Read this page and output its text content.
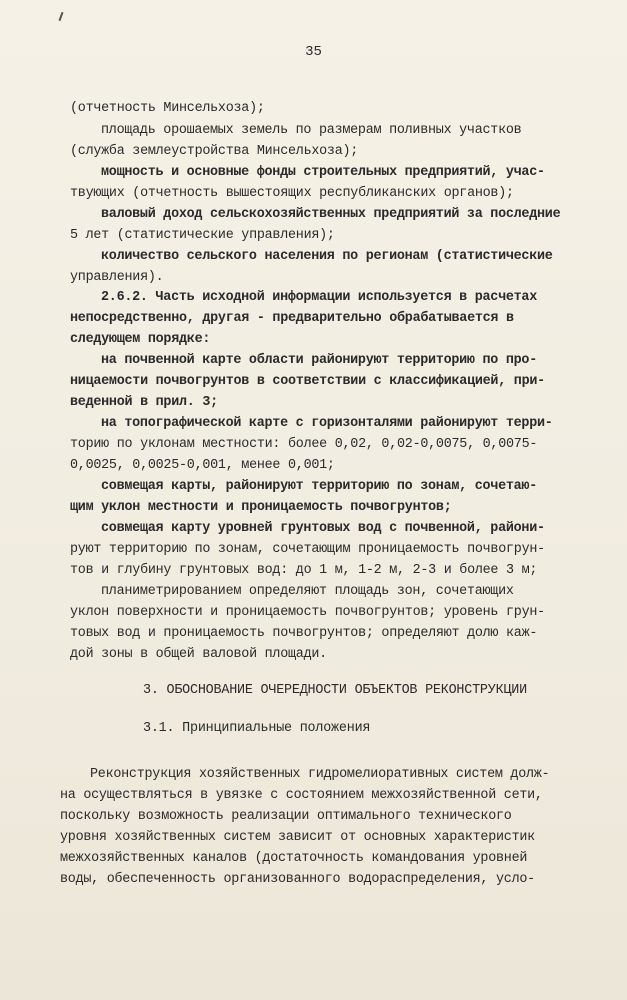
35
(отчетность Минсельхоза);
площадь орошаемых земель по размерам поливных участков
(служба землеустройства Минсельхоза);
мощность и основные фонды строительных предприятий, учас-
твующих (отчетность вышестоящих республиканских органов);
валовый доход сельскохозяйственных предприятий за последние
5 лет (статистические управления);
количество сельского населения по регионам (статистические
управления).
2.6.2. Часть исходной информации используется в расчетах
непосредственно, другая - предварительно обрабатывается в
следующем порядке:
на почвенной карте области районируют территорию по про-
ницаемости почвогрунтов в соответствии с классификацией, при-
веденной в прил. 3;
на топографической карте с горизонталями районируют терри-
торию по уклонам местности: более 0,02, 0,02-0,0075, 0,0075-
0,0025, 0,0025-0,001, менее 0,001;
совмещая карты, районируют территорию по зонам, сочетаю-
щим уклон местности и проницаемость почвогрунтов;
совмещая карту уровней грунтовых вод с почвенной, райони-
руют территорию по зонам, сочетающим проницаемость почвогрун-
тов и глубину грунтовых вод: до 1 м, 1-2 м, 2-3 и более 3 м;
планиметрированием определяют площадь зон, сочетающих
уклон поверхности и проницаемость почвогрунтов; уровень грун-
товых вод и проницаемость почвогрунтов; определяют долю каж-
дой зоны в общей валовой площади.
3. ОБОСНОВАНИЕ ОЧЕРЕДНОСТИ ОБЪЕКТОВ РЕКОНСТРУКЦИИ
3.1. Принципиальные положения
Реконструкция хозяйственных гидромелиоративных систем долж-
на осуществляться в увязке с состоянием межхозяйственной сети,
поскольку возможность реализации оптимального технического
уровня хозяйственных систем зависит от основных характеристик
межхозяйственных каналов (достаточность командования уровней
воды, обеспеченность организованного водораспределения, усло-
